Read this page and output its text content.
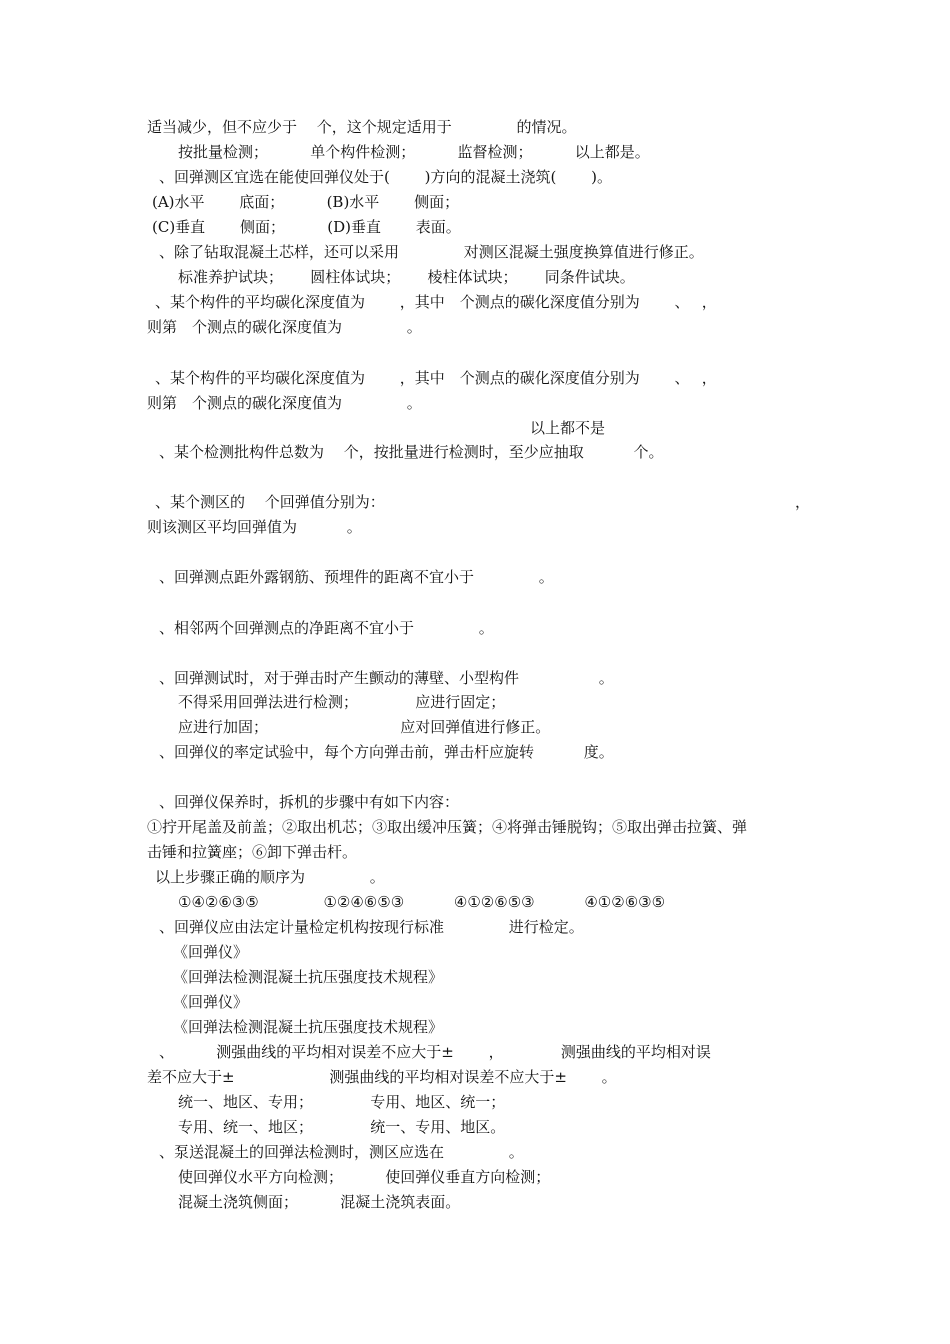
适当减少，但不应少于　 个，这个规定适用于　　　　 的情况。
按批量检测；　　　 单个构件检测；　　　 监督检测；　　　 以上都是。
、回弹测区宜选在能使回弹仪处于(　　 )方向的混凝土浇筑(　　 )。
(A)水平　　 底面；　　　 (B)水平　　 侧面；
(C)垂直　　 侧面；　　　 (D)垂直　　 表面。
、除了钻取混凝土芯样，还可以采用　　　　 对测区混凝土强度换算值进行修正。
标准养护试块；　　 圆柱体试块；　　 棱柱体试块；　　 同条件试块。
、某个构件的平均碳化深度值为　　 ，其中　个测点的碳化深度值分别为　　 、　 ，
则第　个测点的碳化深度值为　　　　 。
、某个构件的平均碳化深度值为　　 ，其中　个测点的碳化深度值分别为　　 、　 ，
则第　个测点的碳化深度值为　　　　 。
以上都不是
、某个检测批构件总数为　 个，按批量进行检测时，至少应抽取　　　 个。
、某个测区的　 个回弹值分别为：	，
则该测区平均回弹值为　　　 。
、回弹测点距外露钢筋、预埋件的距离不宜小于　　　　 。
、相邻两个回弹测点的净距离不宜小于　　　　 。
、回弹测试时，对于弹击时产生颤动的薄壁、小型构件　　　　　 。
不得采用回弹法进行检测；　　　　 应进行固定；
应进行加固；　　　　　　　　　 应对回弹值进行修正。
、回弹仪的率定试验中，每个方向弹击前，弹击杆应旋转　　　 度。
、回弹仪保养时，拆机的步骤中有如下内容：
①拧开尾盖及前盖；②取出机芯；③取出缓冲压簧；④将弹击锤脱钩；⑤取出弹击拉簧、弹
击锤和拉簧座；⑥卸下弹击杆。
以上步骤正确的顺序为　　　　 。
①④②⑥③⑤　　　　 ①②④⑥⑤③　　　 ④①②⑥⑤③　　　 ④①②⑥③⑤
、回弹仪应由法定计量检定机构按现行标准　　　　 进行检定。
《回弹仪》
《回弹法检测混凝土抗压强度技术规程》
《回弹仪》
《回弹法检测混凝土抗压强度技术规程》
、　　　 测强曲线的平均相对误差不应大于±　　 ，　　　　 测强曲线的平均相对误
差不应大于±　　　　　　 测强曲线的平均相对误差不应大于±　　 。
统一、地区、专用；　　　　 专用、地区、统一；
专用、统一、地区；　　　　 统一、专用、地区。
、泵送混凝土的回弹法检测时，测区应选在　　　　 。
使回弹仪水平方向检测；　　　 使回弹仪垂直方向检测；
混凝土浇筑侧面；　　　 混凝土浇筑表面。
